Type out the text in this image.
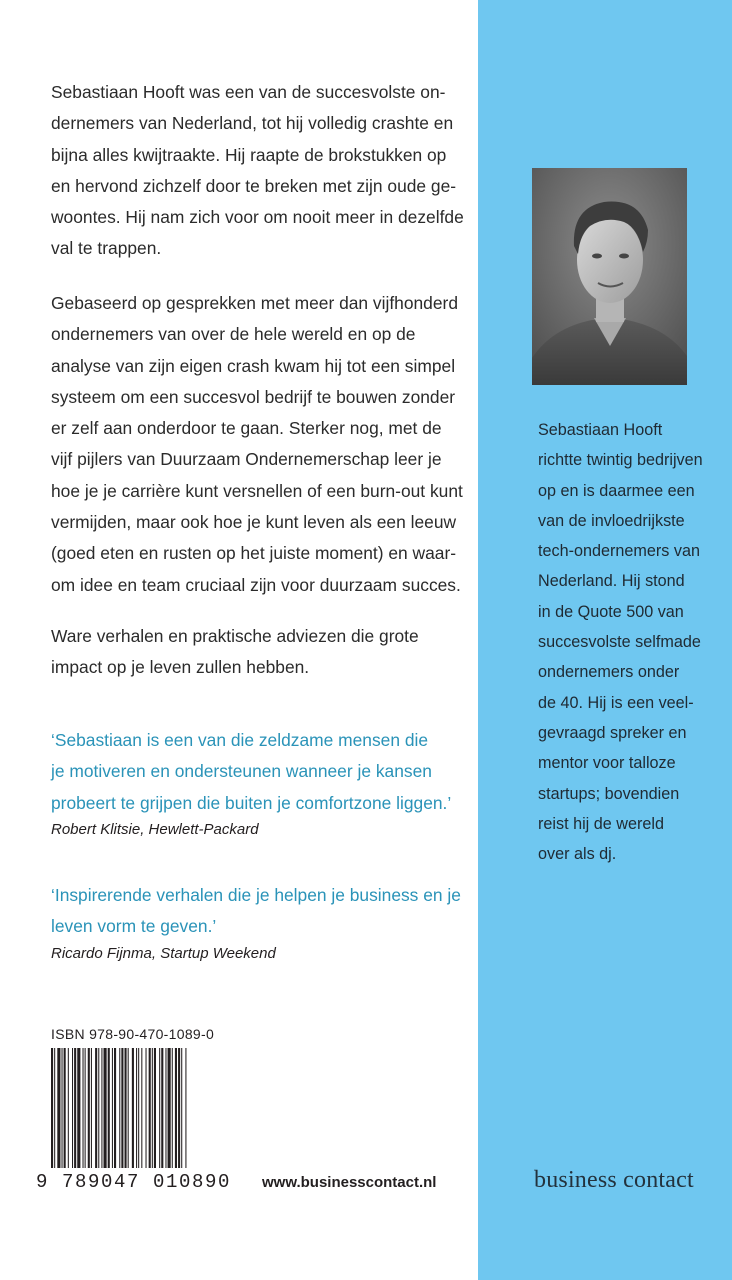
Sebastiaan Hooft was een van de succesvolste on-
dernemers van Nederland, tot hij volledig crashte en
bijna alles kwijtraakte. Hij raapte de brokstukken op
en hervond zichzelf door te breken met zijn oude ge-
woontes. Hij nam zich voor om nooit meer in dezelfde
val te trappen.

Gebaseerd op gesprekken met meer dan vijfhonderd
ondernemers van over de hele wereld en op de
analyse van zijn eigen crash kwam hij tot een simpel
systeem om een succesvol bedrijf te bouwen zonder
er zelf aan onderdoor te gaan. Sterker nog, met de
vijf pijlers van Duurzaam Ondernemerschap leer je
hoe je je carrière kunt versnellen of een burn-out kunt
vermijden, maar ook hoe je kunt leven als een leeuw
(goed eten en rusten op het juiste moment) en waar-
om idee en team cruciaal zijn voor duurzaam succes.

Ware verhalen en praktische adviezen die grote
impact op je leven zullen hebben.

‘Sebastiaan is een van die zeldzame mensen die
je motiveren en ondersteunen wanneer je kansen
probeert te grijpen die buiten je comfortzone liggen.’

Robert Klitsie, Hewlett-Packard

‘Inspirerende verhalen die je helpen je business en je
leven vorm te geven.’

Ricardo Fijnma, Startup Weekend
ISBN 978-90-470-1089-0
9 789047 010890 www.businesscontact.nl

Sebastiaan Hooft
richtte twintig bedrijven
op en is daarmee een
van de invloedrijkste
tech-ondernemers van
Nederland. Hij stond
in de Quote 500 van
succesvolste selfmade
ondernemers onder
de 40. Hij is een veel-
gevraagd spreker en
mentor voor talloze
startups; bovendien
reist hij de wereld
over als dj.

business contact
